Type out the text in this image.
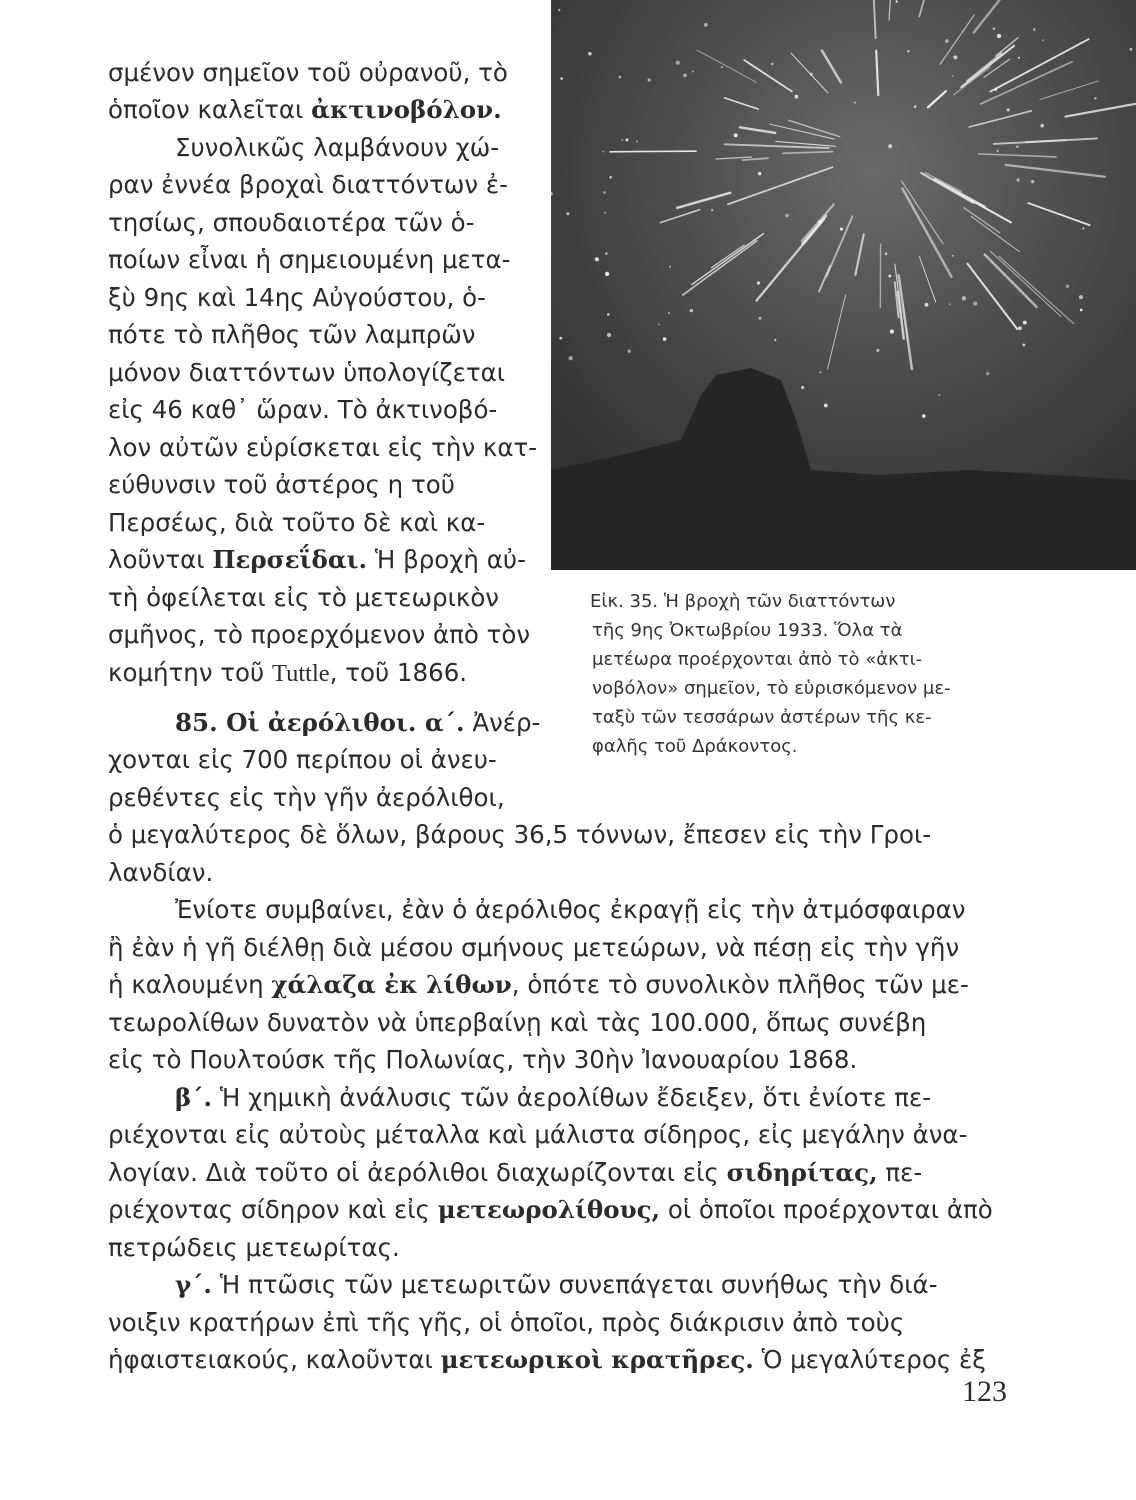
Εἰκ. 35. Ἡ βροχὴ τῶν διαττόντων
τῆς 9ης Ὀκτωβρίου 1933. Ὅλα τὰ
μετέωρα προέρχονται ἀπὸ τὸ «ἀκτι-
νοβόλον» σημεῖον, τὸ εὑρισκόμενον με-
ταξὺ τῶν τεσσάρων ἀστέρων τῆς κε-
φαλῆς τοῦ Δράκοντος.
σμένον σημεῖον τοῦ οὐρανοῦ, τὸ
ὁποῖον καλεῖται ἀκτινοβόλον.
Συνολικῶς λαμβάνουν χώ-
ραν ἐννέα βροχαὶ διαττόντων ἐ-
τησίως, σπουδαιοτέρα τῶν ὁ-
ποίων εἶναι ἡ σημειουμένη μετα-
ξὺ 9ης καὶ 14ης Αὐγούστου, ὁ-
πότε τὸ πλῆθος τῶν λαμπρῶν
μόνον διαττόντων ὑπολογίζεται
εἰς 46 καθ᾽ ὥραν. Τὸ ἀκτινοβό-
λον αὐτῶν εὑρίσκεται εἰς τὴν κατ-
εύθυνσιν τοῦ ἀστέρος η τοῦ
Περσέως, διὰ τοῦτο δὲ καὶ κα-
λοῦνται Περσεΐδαι. Ἡ βροχὴ αὐ-
τὴ ὀφείλεται εἰς τὸ μετεωρικὸν
σμῆνος, τὸ προερχόμενον ἀπὸ τὸν
κομήτην τοῦ Tuttle, τοῦ 1866.
85. Οἱ ἀερόλιθοι. α΄. Ἀνέρ-
χονται εἰς 700 περίπου οἱ ἀνευ-
ρεθέντες εἰς τὴν γῆν ἀερόλιθοι,
ὁ μεγαλύτερος δὲ ὅλων, βάρους 36,5 τόννων, ἔπεσεν εἰς τὴν Γροι-
λανδίαν.
Ἐνίοτε συμβαίνει, ἐὰν ὁ ἀερόλιθος ἐκραγῇ εἰς τὴν ἀτμόσφαιραν
ἢ ἐὰν ἡ γῆ διέλθῃ διὰ μέσου σμήνους μετεώρων, νὰ πέσῃ εἰς τὴν γῆν
ἡ καλουμένη χάλαζα ἐκ λίθων, ὁπότε τὸ συνολικὸν πλῆθος τῶν με-
τεωρολίθων δυνατὸν νὰ ὑπερβαίνῃ καὶ τὰς 100.000, ὅπως συνέβη
εἰς τὸ Πουλτούσκ τῆς Πολωνίας, τὴν 30ὴν Ἰανουαρίου 1868.
β΄. Ἡ χημικὴ ἀνάλυσις τῶν ἀερολίθων ἔδειξεν, ὅτι ἐνίοτε πε-
ριέχονται εἰς αὐτοὺς μέταλλα καὶ μάλιστα σίδηρος, εἰς μεγάλην ἀνα-
λογίαν. Διὰ τοῦτο οἱ ἀερόλιθοι διαχωρίζονται εἰς σιδηρίτας, πε-
ριέχοντας σίδηρον καὶ εἰς μετεωρολίθους, οἱ ὁποῖοι προέρχονται ἀπὸ
πετρώδεις μετεωρίτας.
γ΄. Ἡ πτῶσις τῶν μετεωριτῶν συνεπάγεται συνήθως τὴν διά-
νοιξιν κρατήρων ἐπὶ τῆς γῆς, οἱ ὁποῖοι, πρὸς διάκρισιν ἀπὸ τοὺς
ἡφαιστειακούς, καλοῦνται μετεωρικοὶ κρατῆρες. Ὁ μεγαλύτερος ἐξ
123
